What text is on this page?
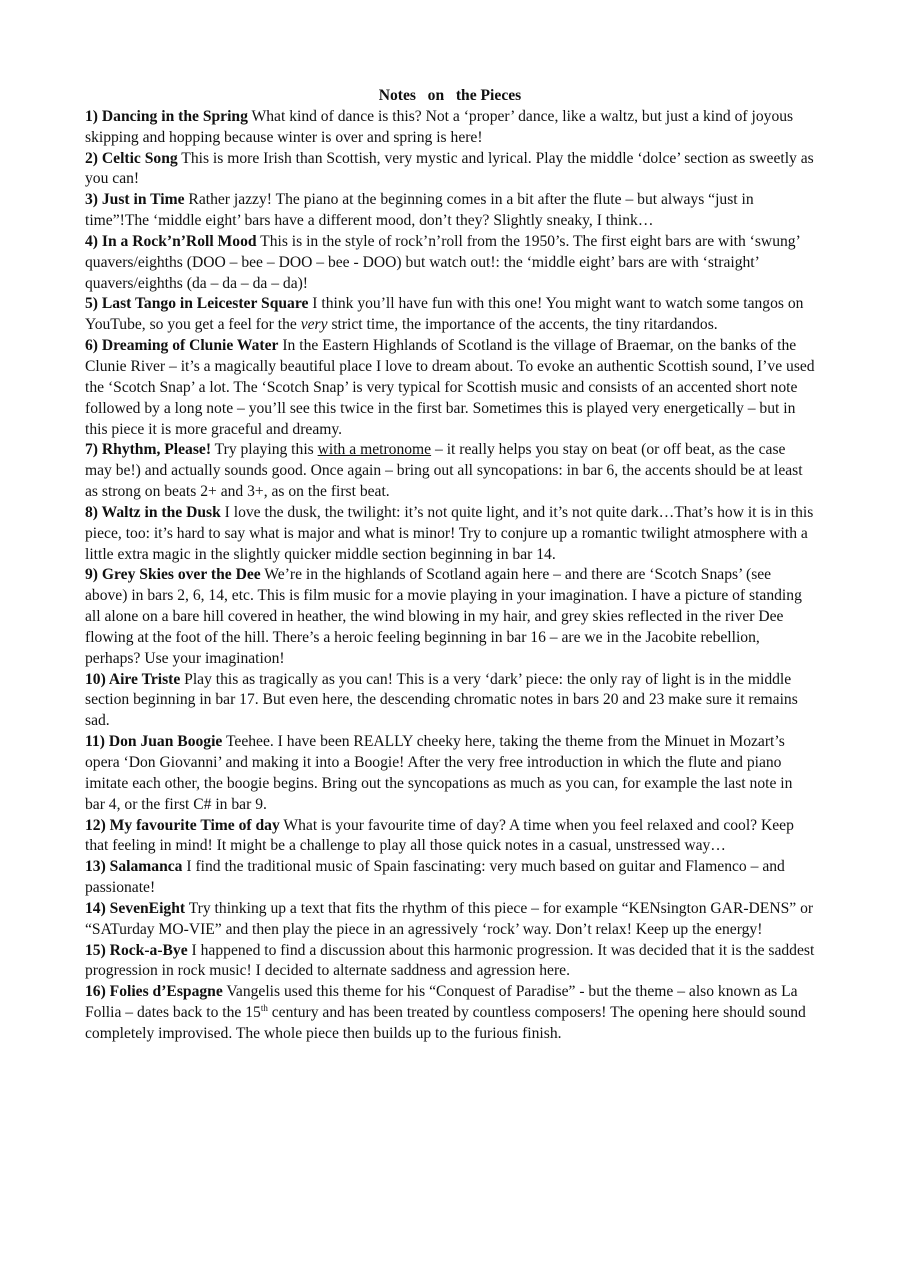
Notes   on   the Pieces

1) Dancing in the Spring What kind of dance is this? Not a ‘proper’ dance, like a waltz, but just a kind of joyous skipping and hopping because winter is over and spring is here!

2) Celtic Song This is more Irish than Scottish, very mystic and lyrical. Play the middle ‘dolce’ section as sweetly as you can!

3) Just in Time Rather jazzy! The piano at the beginning comes in a bit after the flute – but always “just in time”!The ‘middle eight’ bars have a different mood, don’t they? Slightly sneaky, I think…

4) In a Rock’n’Roll Mood This is in the style of rock’n’roll from the 1950’s. The first eight bars are with ‘swung’ quavers/eighths (DOO – bee – DOO – bee - DOO) but watch out!: the ‘middle eight’ bars are with ‘straight’ quavers/eighths (da – da – da – da)!

5) Last Tango in Leicester Square I think you’ll have fun with this one! You might want to watch some tangos on YouTube, so you get a feel for the very strict time, the importance of the accents, the tiny ritardandos.

6) Dreaming of Clunie Water In the Eastern Highlands of Scotland is the village of Braemar, on the banks of the Clunie River – it’s a magically beautiful place I love to dream about. To evoke an authentic Scottish sound, I’ve used the ‘Scotch Snap’ a lot. The ‘Scotch Snap’ is very typical for Scottish music and consists of an accented short note followed by a long note – you’ll see this twice in the first bar. Sometimes this is played very energetically – but in this piece it is more graceful and dreamy.

7) Rhythm, Please! Try playing this with a metronome – it really helps you stay on beat (or off beat, as the case may be!) and actually sounds good. Once again – bring out all syncopations: in bar 6, the accents should be at least as strong on beats 2+ and 3+, as on the first beat.

8) Waltz in the Dusk I love the dusk, the twilight: it’s not quite light, and it’s not quite dark…That’s how it is in this piece, too: it’s hard to say what is major and what is minor! Try to conjure up a romantic twilight atmosphere with a little extra magic in the slightly quicker middle section beginning in bar 14.

9) Grey Skies over the Dee We’re in the highlands of Scotland again here – and there are ‘Scotch Snaps’ (see above) in bars 2, 6, 14, etc. This is film music for a movie playing in your imagination. I have a picture of standing all alone on a bare hill covered in heather, the wind blowing in my hair, and grey skies reflected in the river Dee flowing at the foot of the hill. There’s a heroic feeling beginning in bar 16 – are we in the Jacobite rebellion, perhaps? Use your imagination!

10) Aire Triste Play this as tragically as you can! This is a very ‘dark’ piece: the only ray of light is in the middle section beginning in bar 17. But even here, the descending chromatic notes in bars 20 and 23 make sure it remains sad.

11) Don Juan Boogie Teehee. I have been REALLY cheeky here, taking the theme from the Minuet in Mozart’s opera ‘Don Giovanni’ and making it into a Boogie! After the very free introduction in which the flute and piano imitate each other, the boogie begins. Bring out the syncopations as much as you can, for example the last note in bar 4, or the first C# in bar 9.

12) My favourite Time of day What is your favourite time of day? A time when you feel relaxed and cool? Keep that feeling in mind! It might be a challenge to play all those quick notes in a casual, unstressed way…

13) Salamanca I find the traditional music of Spain fascinating: very much based on guitar and Flamenco – and passionate!

14) SevenEight Try thinking up a text that fits the rhythm of this piece – for example “KENsington GAR-DENS” or “SATurday MO-VIE” and then play the piece in an agressively ‘rock’ way. Don’t relax! Keep up the energy!

15) Rock-a-Bye I happened to find a discussion about this harmonic progression. It was decided that it is the saddest progression in rock music! I decided to alternate saddness and agression here.

16) Folies d’Espagne Vangelis used this theme for his “Conquest of Paradise” - but the theme – also known as La Follia – dates back to the 15th century and has been treated by countless composers! The opening here should sound completely improvised. The whole piece then builds up to the furious finish.
